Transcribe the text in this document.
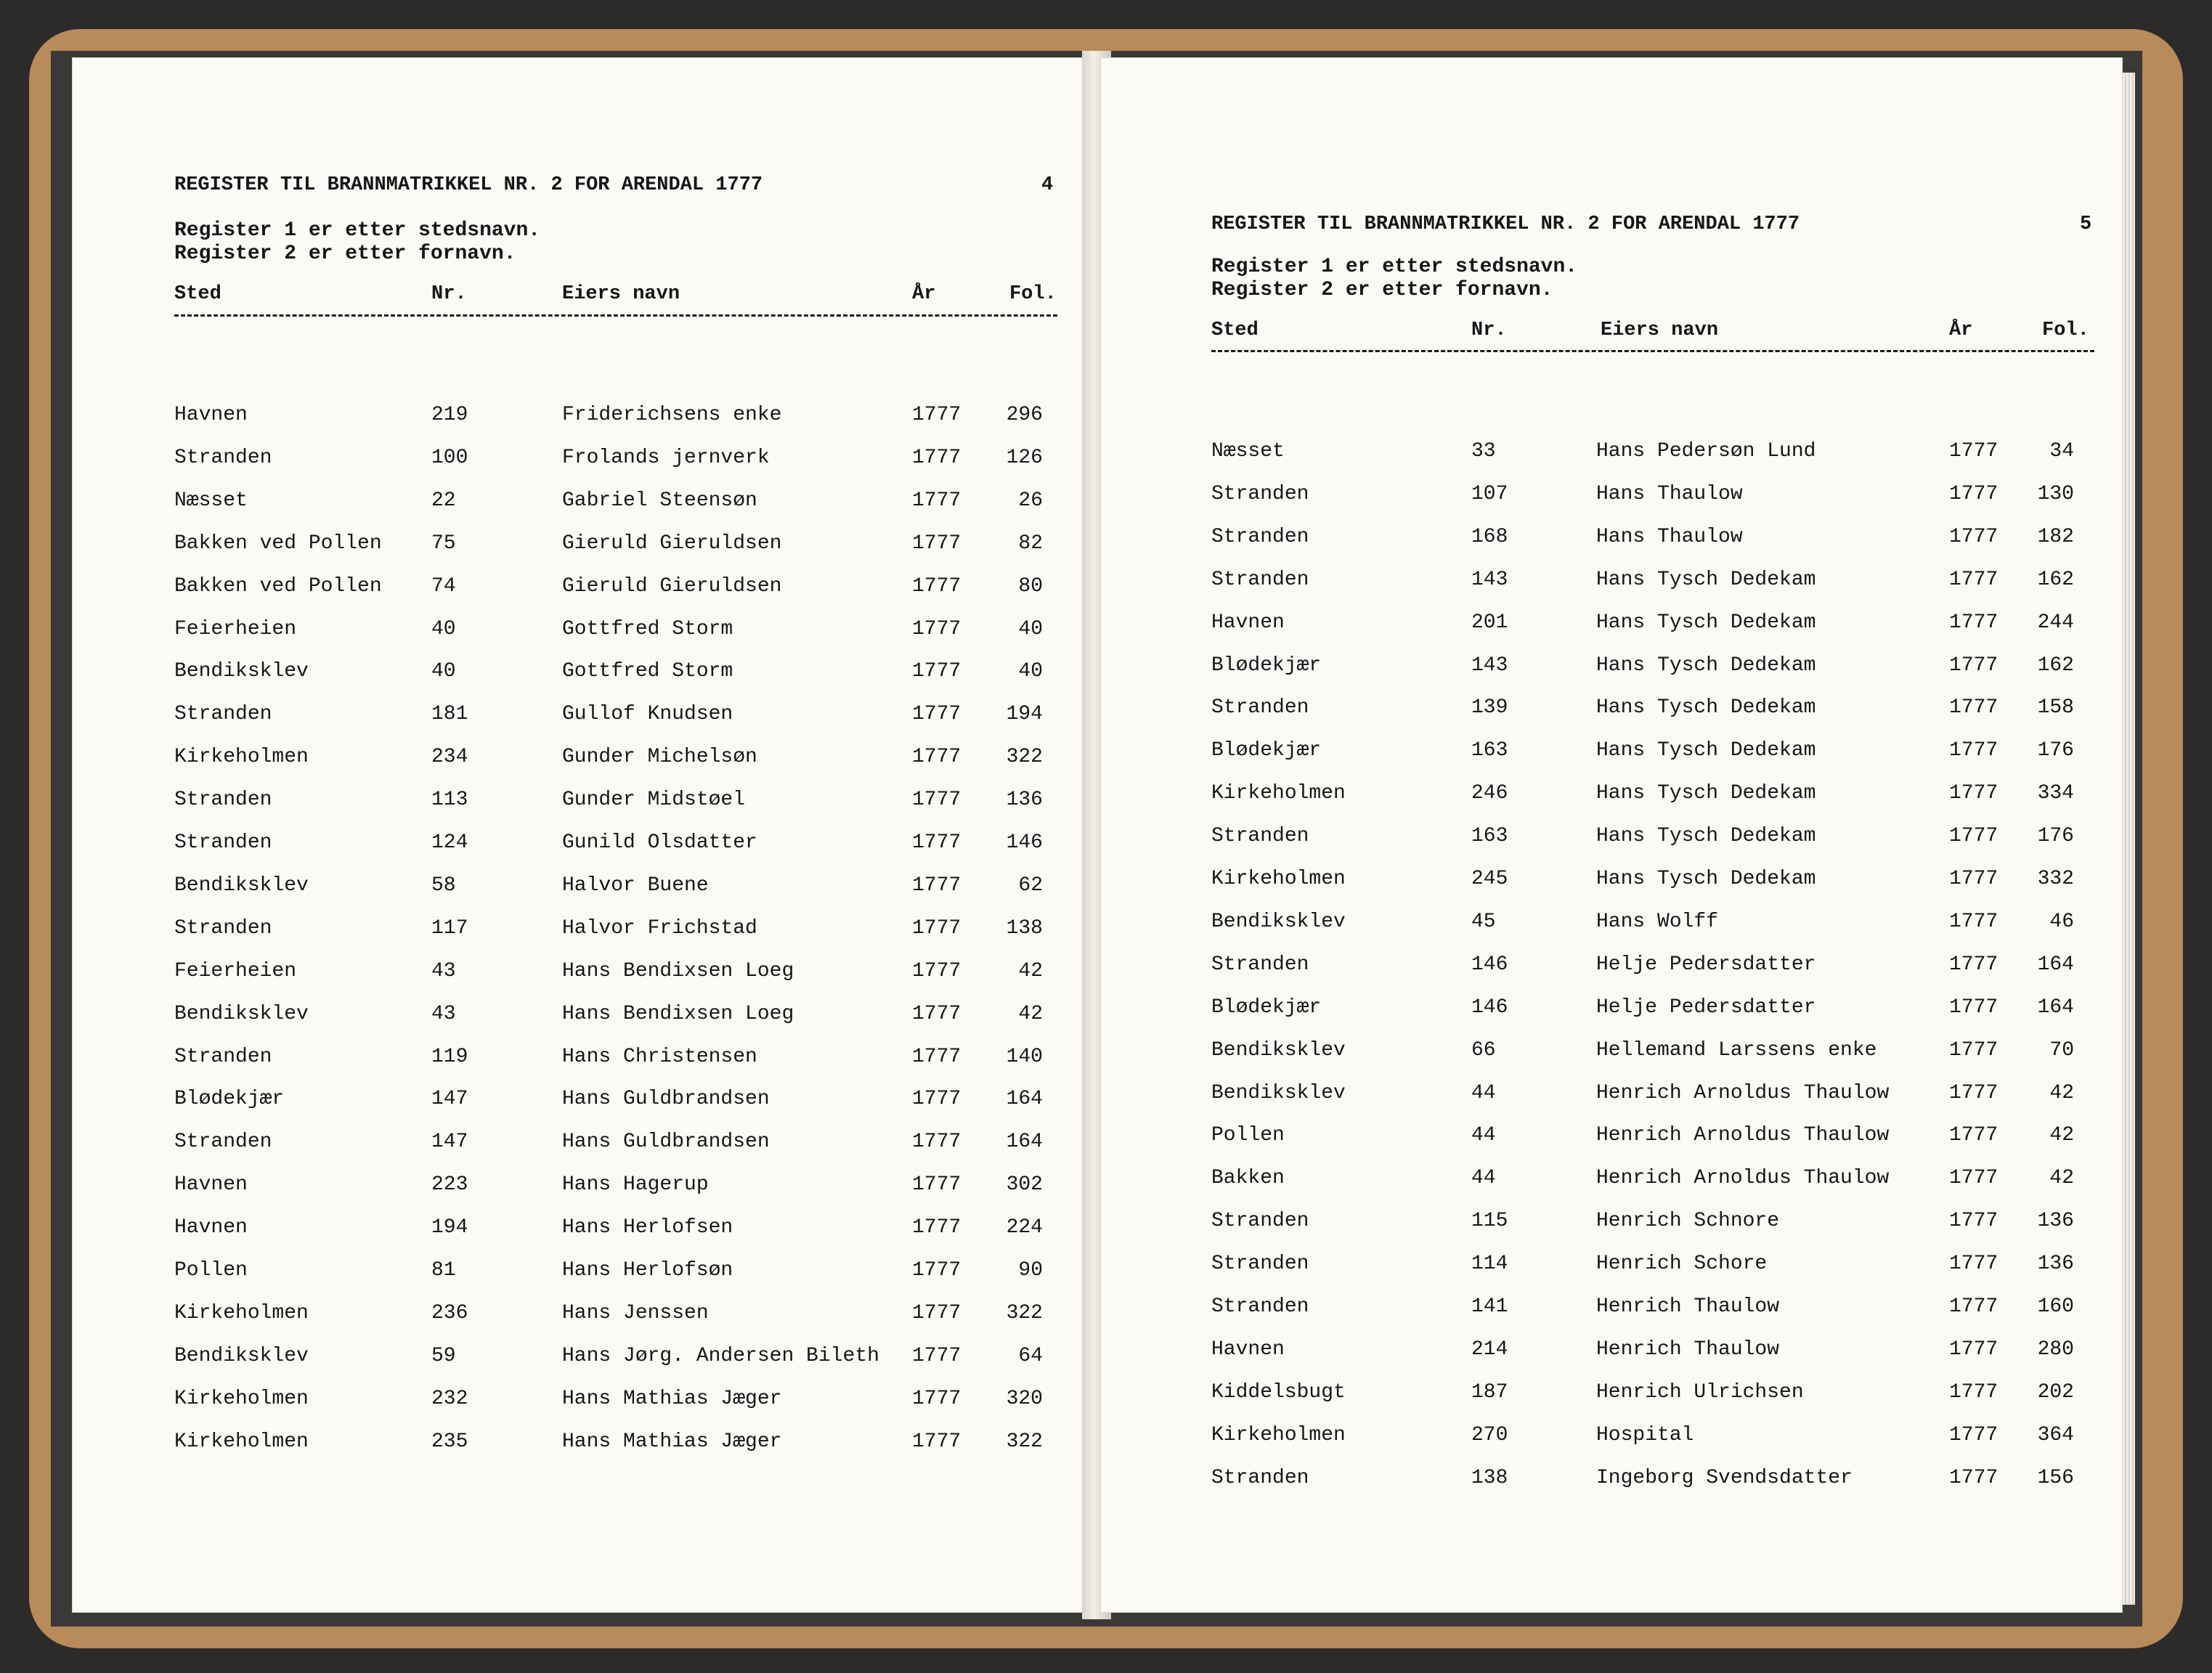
REGISTER TIL BRANNMATRIKKEL NR. 2 FOR ARENDAL 1777	4
Register 1 er etter stedsnavn.
Register 2 er etter fornavn.
Sted	Nr.	Eiers navn	År	Fol.
Havnen	219	Friderichsens enke	1777	296
Stranden	100	Frolands jernverk	1777	126
Næsset	22	Gabriel Steensøn	1777	26
Bakken ved Pollen 75	Gieruld Gieruldsen	1777	82
Bakken ved Pollen 74	Gieruld Gieruldsen	1777	80
Feierheien	40	Gottfred Storm	1777	40
Bendiksklev	40	Gottfred Storm	1777	40
Stranden	181	Gullof Knudsen	1777	194
Kirkeholmen	234	Gunder Michelsøn	1777	322
Stranden	113	Gunder Midstøel	1777	136
Stranden	124	Gunild Olsdatter	1777	146
Bendiksklev	58	Halvor Buene	1777	62
Stranden	117	Halvor Frichstad	1777	138
Feierheien	43	Hans Bendixsen Loeg	1777	42
Bendiksklev	43	Hans Bendixsen Loeg	1777	42
Stranden	119	Hans Christensen	1777	140
Blødekjær	147	Hans Guldbrandsen	1777	164
Stranden	147	Hans Guldbrandsen	1777	164
Havnen	223	Hans Hagerup	1777	302
Havnen	194	Hans Herlofsen	1777	224
Pollen	81	Hans Herlofsøn	1777	90
Kirkeholmen	236	Hans Jenssen	1777	322
Bendiksklev	59	Hans Jørg. Andersen Bileth 1777	64
Kirkeholmen	232	Hans Mathias Jæger	1777	320
Kirkeholmen	235	Hans Mathias Jæger	1777	322
REGISTER TIL BRANNMATRIKKEL NR. 2 FOR ARENDAL 1777	5
Register 1 er etter stedsnavn.
Register 2 er etter fornavn.
Sted	Nr.	Eiers navn	År	Fol.
Næsset	33	Hans Pedersøn Lund	1777	34
Stranden	107	Hans Thaulow	1777	130
Stranden	168	Hans Thaulow	1777	182
Stranden	143	Hans Tysch Dedekam	1777	162
Havnen	201	Hans Tysch Dedekam	1777	244
Blødekjær	143	Hans Tysch Dedekam	1777	162
Stranden	139	Hans Tysch Dedekam	1777	158
Blødekjær	163	Hans Tysch Dedekam	1777	176
Kirkeholmen	246	Hans Tysch Dedekam	1777	334
Stranden	163	Hans Tysch Dedekam	1777	176
Kirkeholmen	245	Hans Tysch Dedekam	1777	332
Bendiksklev	45	Hans Wolff	1777	46
Stranden	146	Helje Pedersdatter	1777	164
Blødekjær	146	Helje Pedersdatter	1777	164
Bendiksklev	66	Hellemand Larssens enke	1777	70
Bendiksklev	44	Henrich Arnoldus Thaulow	1777	42
Pollen	44	Henrich Arnoldus Thaulow	1777	42
Bakken	44	Henrich Arnoldus Thaulow	1777	42
Stranden	115	Henrich Schnore	1777	136
Stranden	114	Henrich Schore	1777	136
Stranden	141	Henrich Thaulow	1777	160
Havnen	214	Henrich Thaulow	1777	280
Kiddelsbugt	187	Henrich Ulrichsen	1777	202
Kirkeholmen	270	Hospital	1777	364
Stranden	138	Ingeborg Svendsdatter	1777	156
